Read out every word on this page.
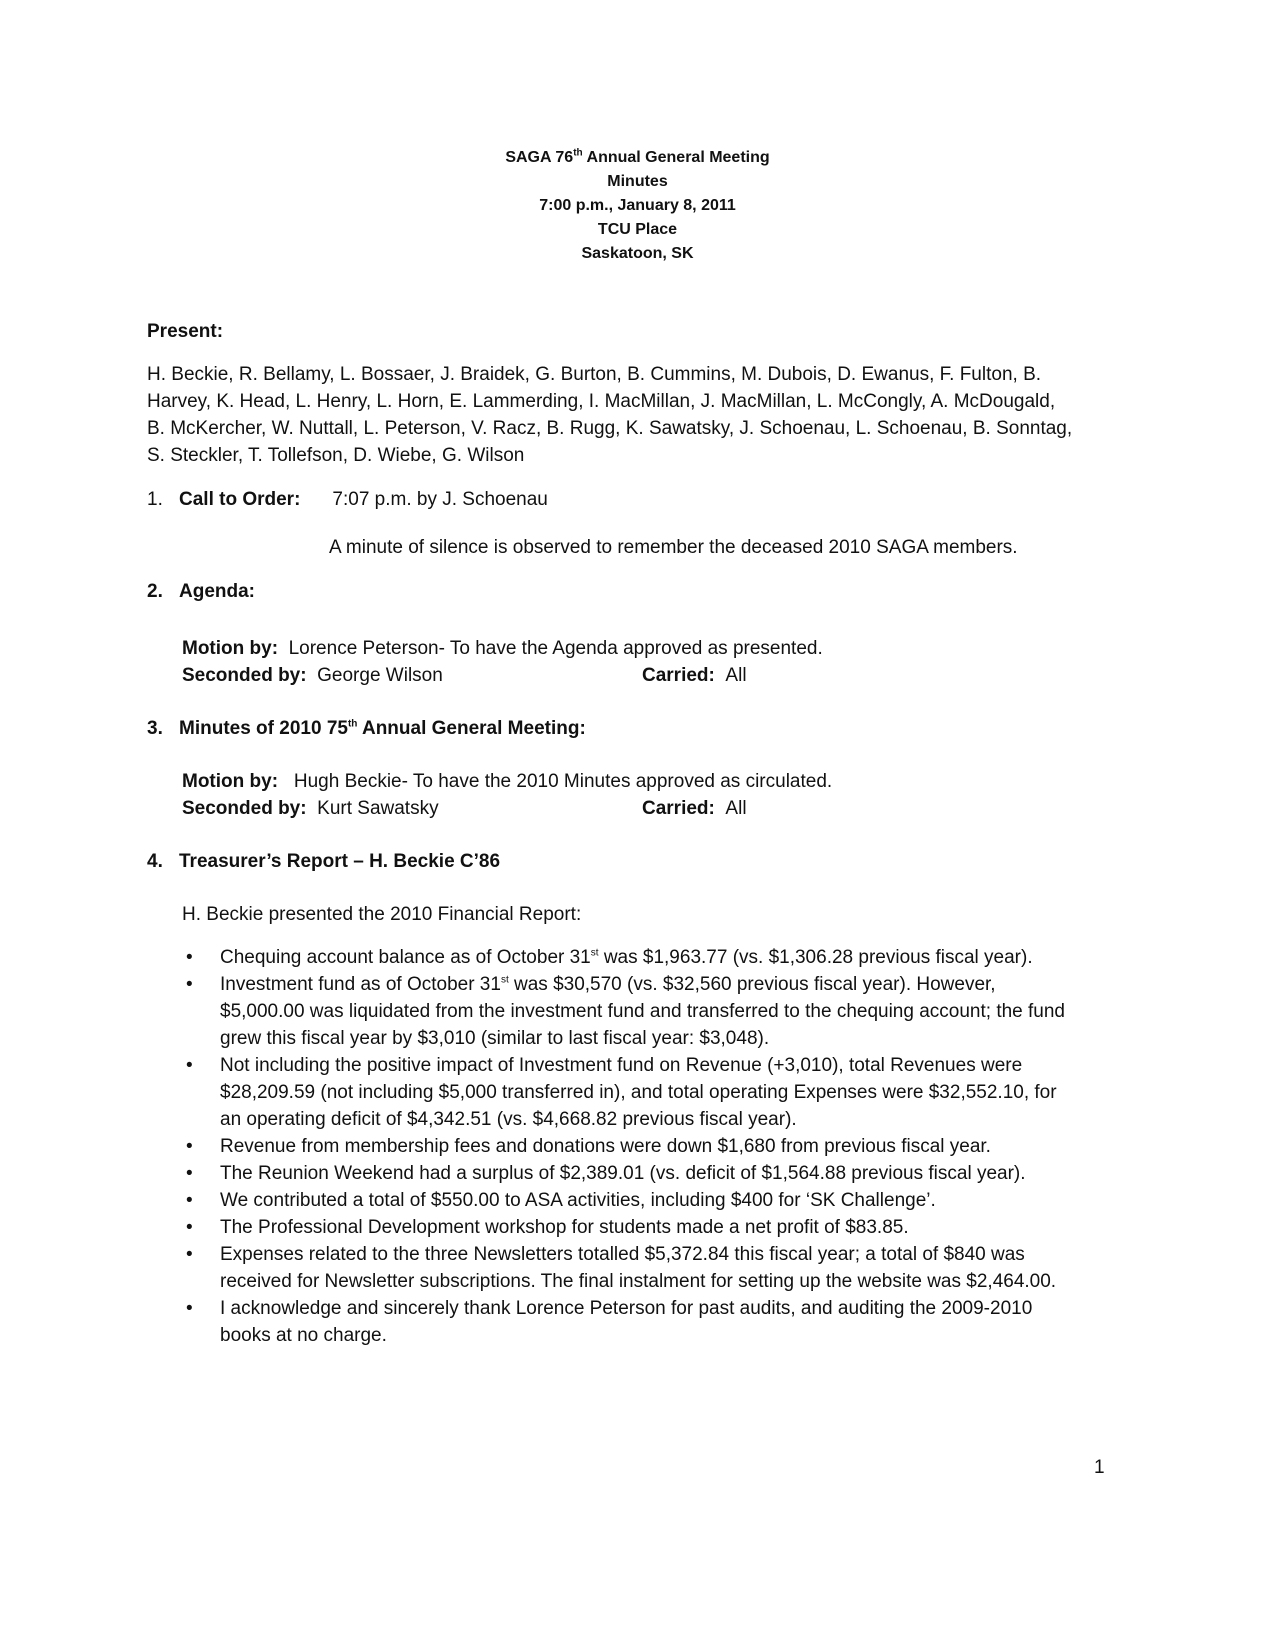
SAGA 76th Annual General Meeting
Minutes
7:00 p.m., January 8, 2011
TCU Place
Saskatoon, SK
Present:
H. Beckie, R. Bellamy, L. Bossaer, J. Braidek, G. Burton, B. Cummins, M. Dubois, D. Ewanus, F. Fulton, B. Harvey, K. Head, L. Henry, L. Horn, E. Lammerding, I. MacMillan, J. MacMillan, L. McCongly, A. McDougald, B. McKercher, W. Nuttall, L. Peterson, V. Racz, B. Rugg, K. Sawatsky, J. Schoenau, L. Schoenau, B. Sonntag, S. Steckler, T. Tollefson, D. Wiebe, G. Wilson
1. Call to Order: 7:07 p.m. by J. Schoenau
A minute of silence is observed to remember the deceased 2010 SAGA members.
2. Agenda:
Motion by: Lorence Peterson- To have the Agenda approved as presented.
Seconded by: George Wilson	Carried: All
3. Minutes of 2010 75th Annual General Meeting:
Motion by: Hugh Beckie- To have the 2010 Minutes approved as circulated.
Seconded by: Kurt Sawatsky	Carried: All
4. Treasurer’s Report – H. Beckie C’86
H. Beckie presented the 2010 Financial Report:
• Chequing account balance as of October 31st was $1,963.77 (vs. $1,306.28 previous fiscal year).
• Investment fund as of October 31st was $30,570 (vs. $32,560 previous fiscal year). However, $5,000.00 was liquidated from the investment fund and transferred to the chequing account; the fund grew this fiscal year by $3,010 (similar to last fiscal year: $3,048).
• Not including the positive impact of Investment fund on Revenue (+3,010), total Revenues were $28,209.59 (not including $5,000 transferred in), and total operating Expenses were $32,552.10, for an operating deficit of $4,342.51 (vs. $4,668.82 previous fiscal year).
• Revenue from membership fees and donations were down $1,680 from previous fiscal year.
• The Reunion Weekend had a surplus of $2,389.01 (vs. deficit of $1,564.88 previous fiscal year).
• We contributed a total of $550.00 to ASA activities, including $400 for ‘SK Challenge’.
• The Professional Development workshop for students made a net profit of $83.85.
• Expenses related to the three Newsletters totalled $5,372.84 this fiscal year; a total of $840 was received for Newsletter subscriptions. The final instalment for setting up the website was $2,464.00.
• I acknowledge and sincerely thank Lorence Peterson for past audits, and auditing the 2009-2010 books at no charge.
1
